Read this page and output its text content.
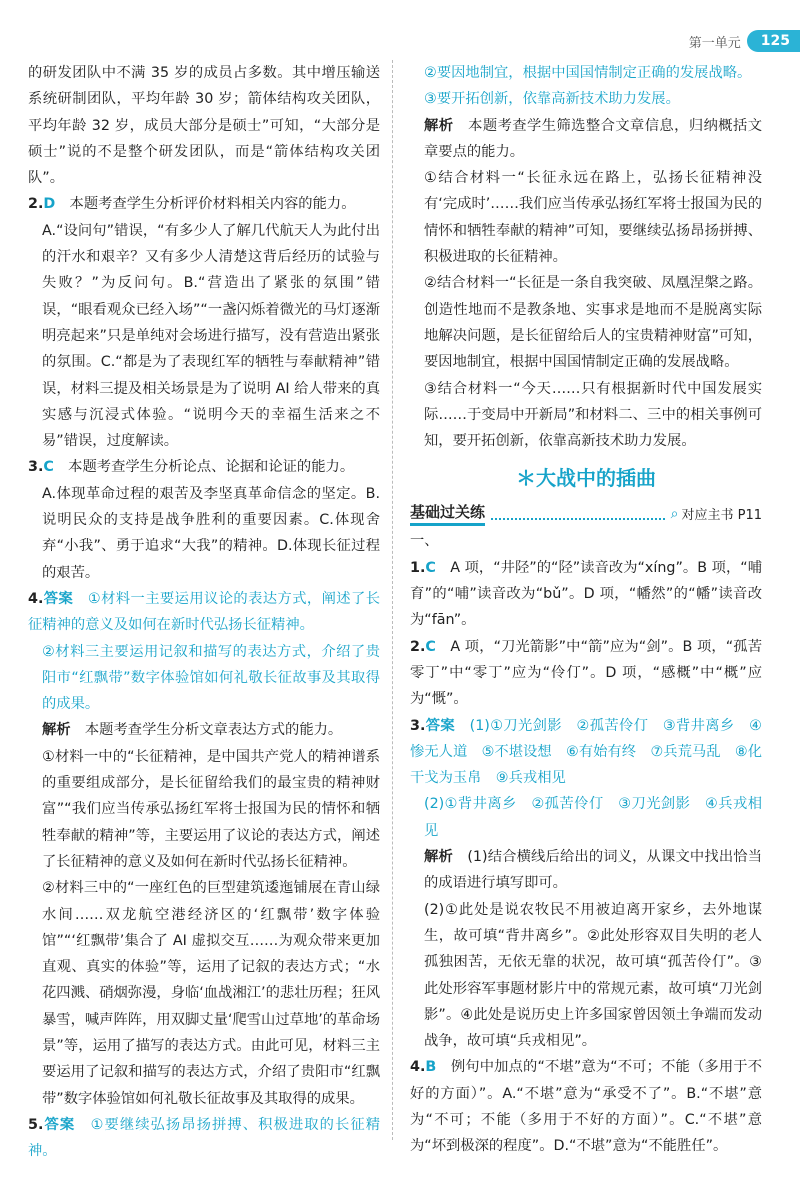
第一单元	125

的研发团队中不满 35 岁的成员占多数。其中增压输送系统研制团队，平均年龄 30 岁；箭体结构攻关团队，平均年龄 32 岁，成员大部分是硕士”可知，“大部分是硕士”说的不是整个研发团队，而是“箭体结构攻关团队”。

2.D　本题考查学生分析评价材料相关内容的能力。

A.“设问句”错误，“有多少人了解几代航天人为此付出的汗水和艰辛？又有多少人清楚这背后经历的试验与失败？”为反问句。B.“营造出了紧张的氛围”错误，“眼看观众已经入场”“一盏闪烁着微光的马灯逐渐明亮起来”只是单纯对会场进行描写，没有营造出紧张的氛围。C.“都是为了表现红军的牺牲与奉献精神”错误，材料三提及相关场景是为了说明 AI 给人带来的真实感与沉浸式体验。“说明今天的幸福生活来之不易”错误，过度解读。

3.C　本题考查学生分析论点、论据和论证的能力。

A.体现革命过程的艰苦及李坚真革命信念的坚定。B.说明民众的支持是战争胜利的重要因素。C.体现舍弃“小我”、勇于追求“大我”的精神。D.体现长征过程的艰苦。

4.答案　①材料一主要运用议论的表达方式，阐述了长征精神的意义及如何在新时代弘扬长征精神。

②材料三主要运用记叙和描写的表达方式，介绍了贵阳市“红飘带”数字体验馆如何礼敬长征故事及其取得的成果。

解析　本题考查学生分析文章表达方式的能力。

①材料一中的“长征精神，是中国共产党人的精神谱系的重要组成部分，是长征留给我们的最宝贵的精神财富”“我们应当传承弘扬红军将士报国为民的情怀和牺牲奉献的精神”等，主要运用了议论的表达方式，阐述了长征精神的意义及如何在新时代弘扬长征精神。

②材料三中的“一座红色的巨型建筑逶迤铺展在青山绿水间……双龙航空港经济区的‘红飘带’数字体验馆”“‘红飘带’集合了 AI 虚拟交互……为观众带来更加直观、真实的体验”等，运用了记叙的表达方式；“水花四溅、硝烟弥漫，身临‘血战湘江’的悲壮历程；狂风暴雪，喊声阵阵，用双脚丈量‘爬雪山过草地’的革命场景”等，运用了描写的表达方式。由此可见，材料三主要运用了记叙和描写的表达方式，介绍了贵阳市“红飘带”数字体验馆如何礼敬长征故事及其取得的成果。

5.答案　①要继续弘扬昂扬拼搏、积极进取的长征精神。

②要因地制宜，根据中国国情制定正确的发展战略。

③要开拓创新，依靠高新技术助力发展。

解析　本题考查学生筛选整合文章信息，归纳概括文章要点的能力。

①结合材料一“长征永远在路上，弘扬长征精神没有‘完成时’……我们应当传承弘扬红军将士报国为民的情怀和牺牲奉献的精神”可知，要继续弘扬昂扬拼搏、积极进取的长征精神。

②结合材料一“长征是一条自我突破、凤凰涅槃之路。创造性地而不是教条地、实事求是地而不是脱离实际地解决问题，是长征留给后人的宝贵精神财富”可知，要因地制宜，根据中国国情制定正确的发展战略。

③结合材料一“今天……只有根据新时代中国发展实际……于变局中开新局”和材料二、三中的相关事例可知，要开拓创新，依靠高新技术助力发展。

＊大战中的插曲
基础过关练	⌕ 对应主书 P11

一、

1.C　A 项，“井陉”的“陉”读音改为“xíng”。B 项，“哺育”的“哺”读音改为“bǔ”。D 项，“幡然”的“幡”读音改为“fān”。

2.C　A 项，“刀光箭影”中“箭”应为“剑”。B 项，“孤苦零丁”中“零丁”应为“伶仃”。D 项，“感概”中“概”应为“慨”。

3.答案　(1)①刀光剑影　②孤苦伶仃　③背井离乡　④惨无人道　⑤不堪设想　⑥有始有终　⑦兵荒马乱　⑧化干戈为玉帛　⑨兵戎相见

(2)①背井离乡　②孤苦伶仃　③刀光剑影　④兵戎相见

解析　(1)结合横线后给出的词义，从课文中找出恰当的成语进行填写即可。

(2)①此处是说农牧民不用被迫离开家乡，去外地谋生，故可填“背井离乡”。②此处形容双目失明的老人孤独困苦，无依无靠的状况，故可填“孤苦伶仃”。③此处形容军事题材影片中的常规元素，故可填“刀光剑影”。④此处是说历史上许多国家曾因领土争端而发动战争，故可填“兵戎相见”。

4.B　例句中加点的“不堪”意为“不可；不能（多用于不好的方面）”。A.“不堪”意为“承受不了”。B.“不堪”意为“不可；不能（多用于不好的方面）”。C.“不堪”意为“坏到极深的程度”。D.“不堪”意为“不能胜任”。
